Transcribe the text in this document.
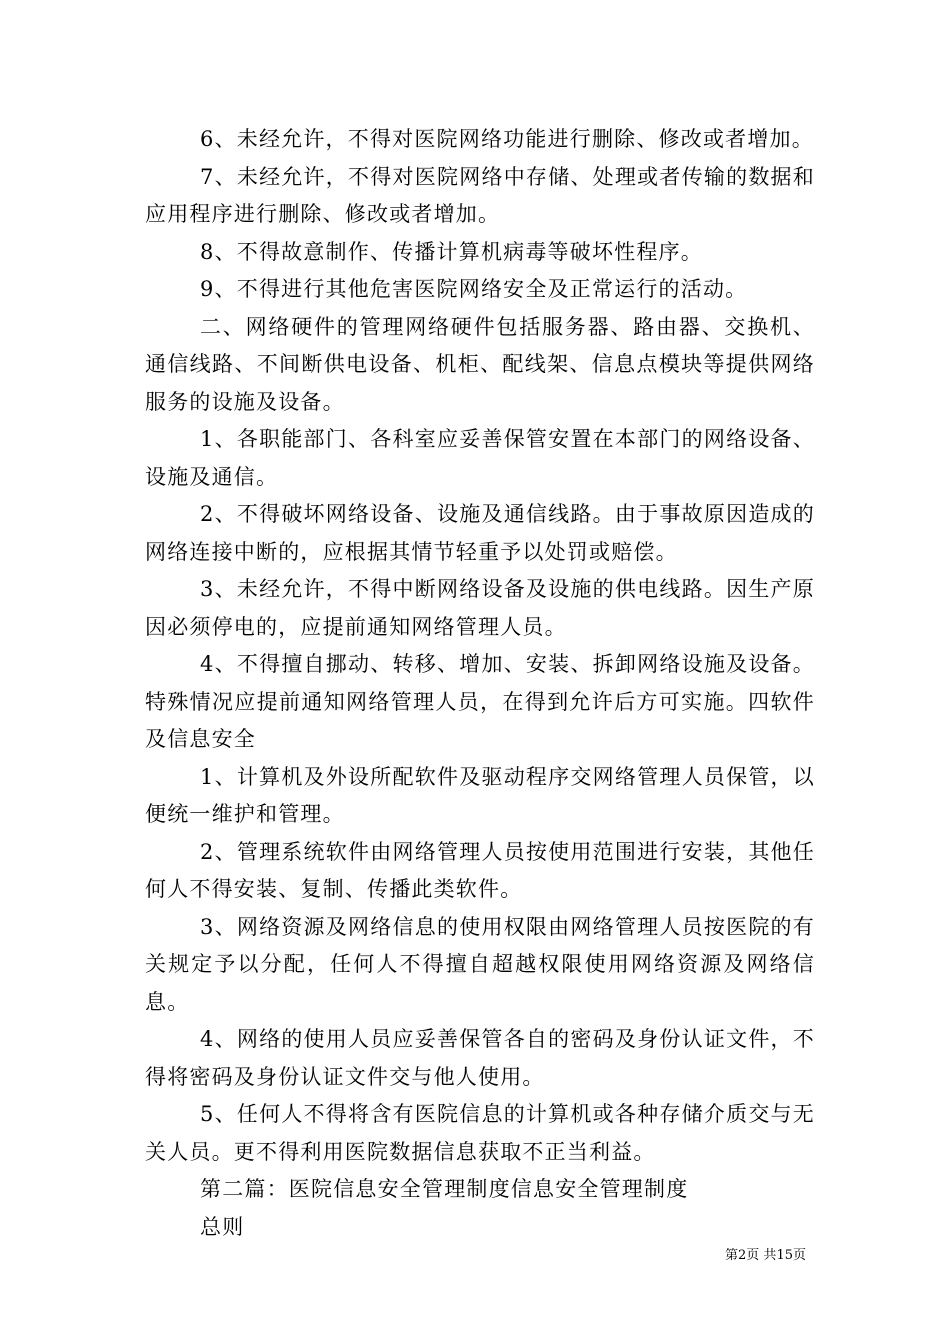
6、未经允许，不得对医院网络功能进行删除、修改或者增加。

7、未经允许，不得对医院网络中存储、处理或者传输的数据和应用程序进行删除、修改或者增加。

8、不得故意制作、传播计算机病毒等破坏性程序。

9、不得进行其他危害医院网络安全及正常运行的活动。

二、网络硬件的管理网络硬件包括服务器、路由器、交换机、通信线路、不间断供电设备、机柜、配线架、信息点模块等提供网络服务的设施及设备。

1、各职能部门、各科室应妥善保管安置在本部门的网络设备、设施及通信。

2、不得破坏网络设备、设施及通信线路。由于事故原因造成的网络连接中断的，应根据其情节轻重予以处罚或赔偿。

3、未经允许，不得中断网络设备及设施的供电线路。因生产原因必须停电的，应提前通知网络管理人员。

4、不得擅自挪动、转移、增加、安装、拆卸网络设施及设备。特殊情况应提前通知网络管理人员，在得到允许后方可实施。四软件及信息安全

1、计算机及外设所配软件及驱动程序交网络管理人员保管，以便统一维护和管理。

2、管理系统软件由网络管理人员按使用范围进行安装，其他任何人不得安装、复制、传播此类软件。

3、网络资源及网络信息的使用权限由网络管理人员按医院的有关规定予以分配，任何人不得擅自超越权限使用网络资源及网络信息。

4、网络的使用人员应妥善保管各自的密码及身份认证文件，不得将密码及身份认证文件交与他人使用。

5、任何人不得将含有医院信息的计算机或各种存储介质交与无关人员。更不得利用医院数据信息获取不正当利益。

第二篇：医院信息安全管理制度信息安全管理制度

总则

第2页 共15页
